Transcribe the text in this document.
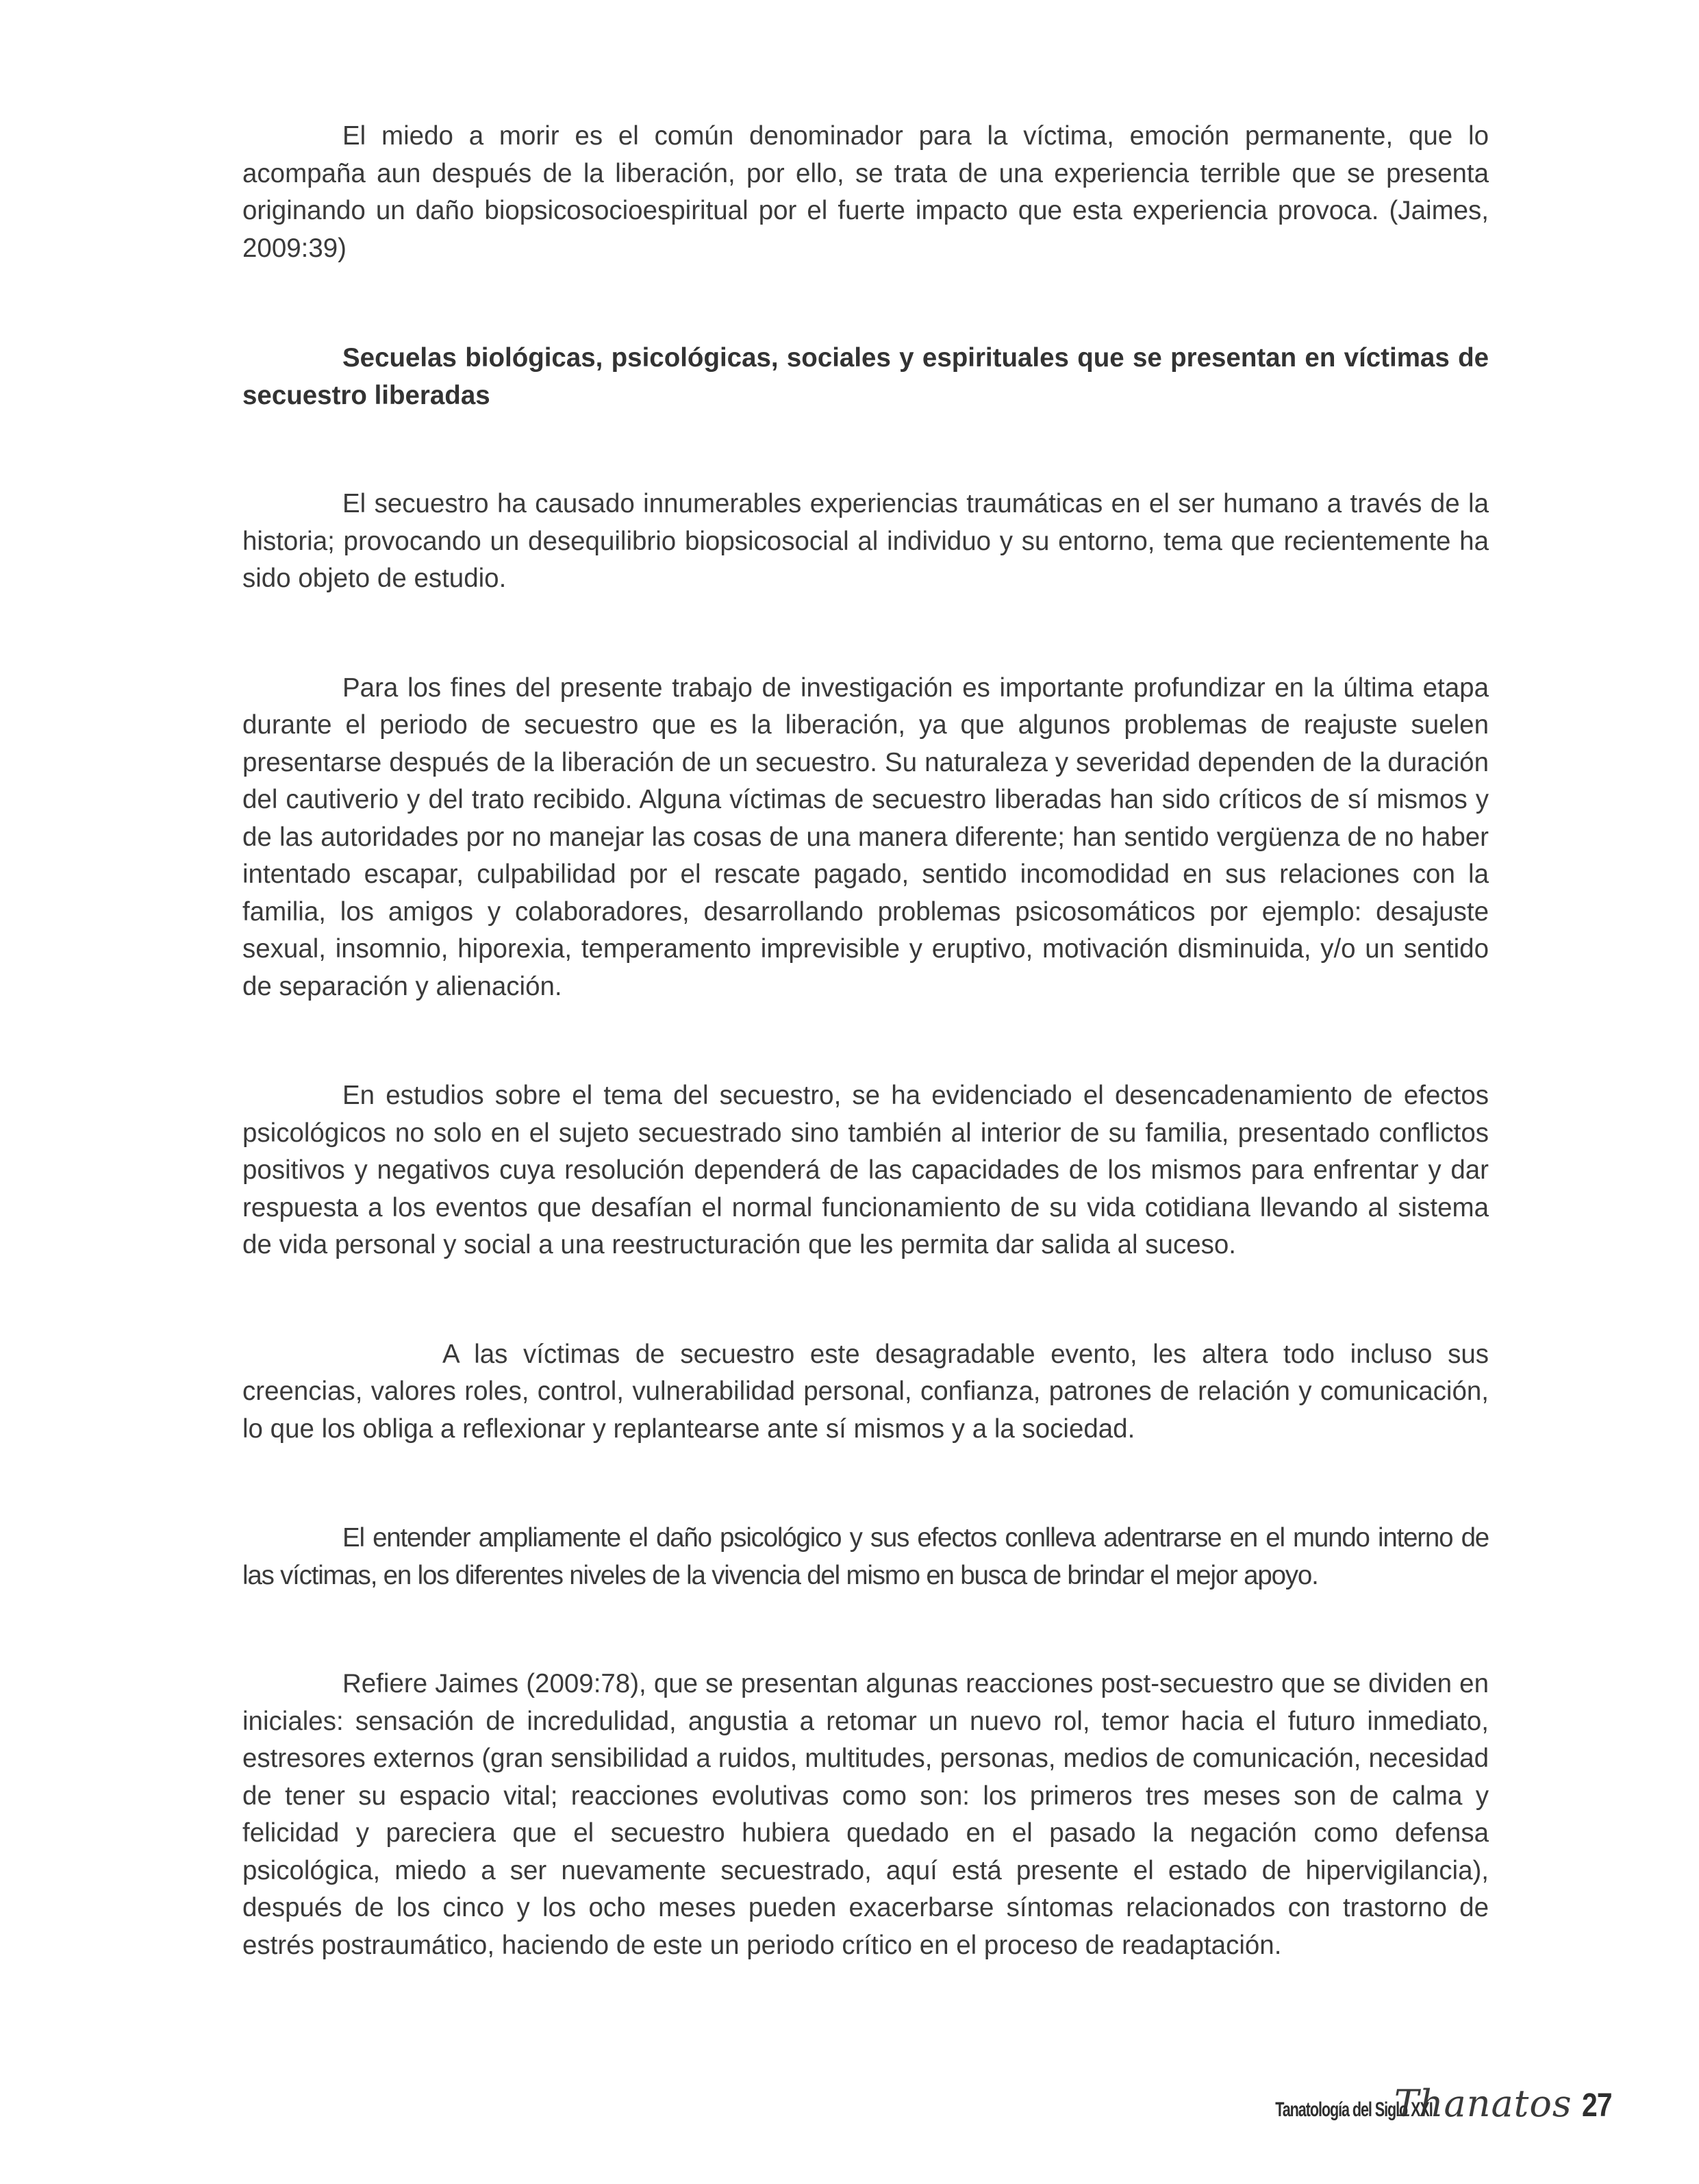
El miedo a morir es el común denominador para la víctima, emoción permanente, que lo acompaña aun después de la liberación, por ello, se trata de una experiencia terrible que se presenta originando un daño biopsicosocioespiritual por el fuerte impacto que esta experiencia provoca. (Jaimes, 2009:39)

Secuelas biológicas, psicológicas, sociales y espirituales que se presentan en víctimas de secuestro liberadas

El secuestro ha causado innumerables experiencias traumáticas en el ser humano a través de la historia; provocando un desequilibrio biopsicosocial al individuo y su entorno, tema que recientemente ha sido objeto de estudio.

Para los fines del presente trabajo de investigación es importante profundizar en la última etapa durante el periodo de secuestro que es la liberación, ya que algunos problemas de reajuste suelen presentarse después de la liberación de un secuestro. Su naturaleza y severidad dependen de la duración del cautiverio y del trato recibido. Alguna víctimas de secuestro liberadas han sido críticos de sí mismos y de las autoridades por no manejar las cosas de una manera diferente; han sentido vergüenza de no haber intentado escapar, culpabilidad por el rescate pagado, sentido incomodidad en sus relaciones con la familia, los amigos y colaboradores, desarrollando problemas psicosomáticos por ejemplo: desajuste sexual, insomnio, hiporexia, temperamento imprevisible y eruptivo, motivación disminuida, y/o un sentido de separación y alienación.

En estudios sobre el tema del secuestro, se ha evidenciado el desencadenamiento de efectos psicológicos no solo en el sujeto secuestrado sino también al interior de su familia, presentado conflictos positivos y negativos cuya resolución dependerá de las capacidades de los mismos para enfrentar y dar respuesta a los eventos que desafían el normal funcionamiento de su vida cotidiana llevando al sistema de vida personal y social a una reestructuración que les permita dar salida al suceso.

A las víctimas de secuestro este desagradable evento, les altera todo incluso sus creencias, valores roles, control, vulnerabilidad personal, confianza, patrones de relación y comunicación, lo que los obliga a reflexionar y replantearse ante sí mismos y a la sociedad.

El entender ampliamente el daño psicológico y sus efectos conlleva adentrarse en el mundo interno de las víctimas, en los diferentes niveles de la vivencia del mismo en busca de brindar el mejor apoyo.

Refiere Jaimes (2009:78), que se presentan algunas reacciones post-secuestro que se dividen en iniciales: sensación de incredulidad, angustia a retomar un nuevo rol, temor hacia el futuro inmediato, estresores externos (gran sensibilidad a ruidos, multitudes, personas, medios de comunicación, necesidad de tener su espacio vital; reacciones evolutivas como son: los primeros tres meses son de calma y felicidad y pareciera que el secuestro hubiera quedado en el pasado la negación como defensa psicológica, miedo a ser nuevamente secuestrado, aquí está presente el estado de hipervigilancia), después de los cinco y los ocho meses pueden exacerbarse síntomas relacionados con trastorno de estrés postraumático, haciendo de este un periodo crítico en el proceso de readaptación.

Tanatología del Siglo XXI
Thanatos 27
